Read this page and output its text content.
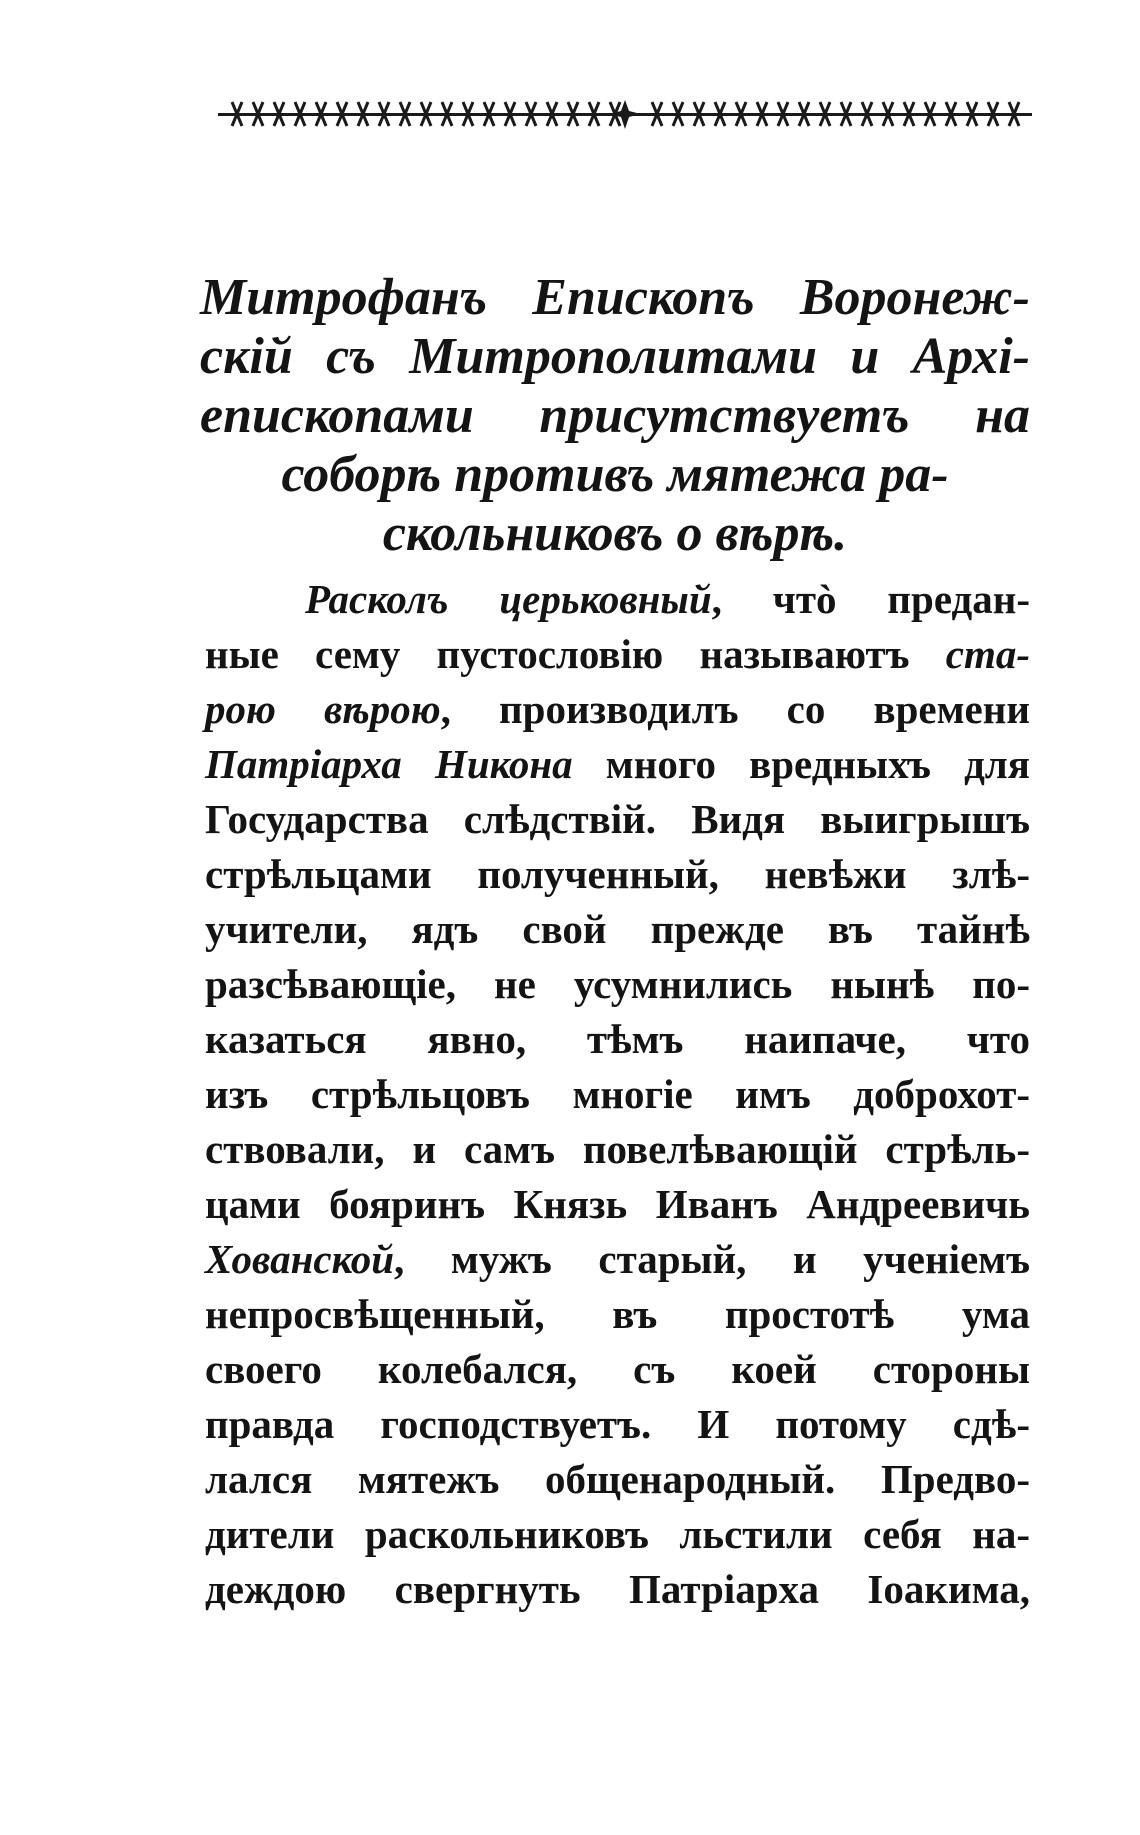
Митрофанъ Епископъ Воронеж-
скій съ Митрополитами и Архі-
епископами присутствуетъ на
соборѣ противъ мятежа ра-
скольниковъ о вѣрѣ.
Расколъ церьковный, чтò предан-
ные сему пустословію называютъ ста-
рою вѣрою, производилъ со времени
Патріарха Никона много вредныхъ для
Государства слѣдствій. Видя выигрышъ
стрѣльцами полученный, невѣжи злѣ-
учители, ядъ свой прежде въ тайнѣ
разсѣвающіе, не усумнились нынѣ по-
казаться явно, тѣмъ наипаче, что
изъ стрѣльцовъ многіе имъ доброхот-
ствовали, и самъ повелѣвающій стрѣль-
цами бояринъ Князь Иванъ Андреевичь
Хованской, мужъ старый, и ученіемъ
непросвѣщенный, въ простотѣ ума
своего колебался, съ коей стороны
правда господствуетъ. И потому сдѣ-
лался мятежъ общенародный. Предво-
дители раскольниковъ льстили себя на-
деждою свергнуть Патріарха Іоакима,
